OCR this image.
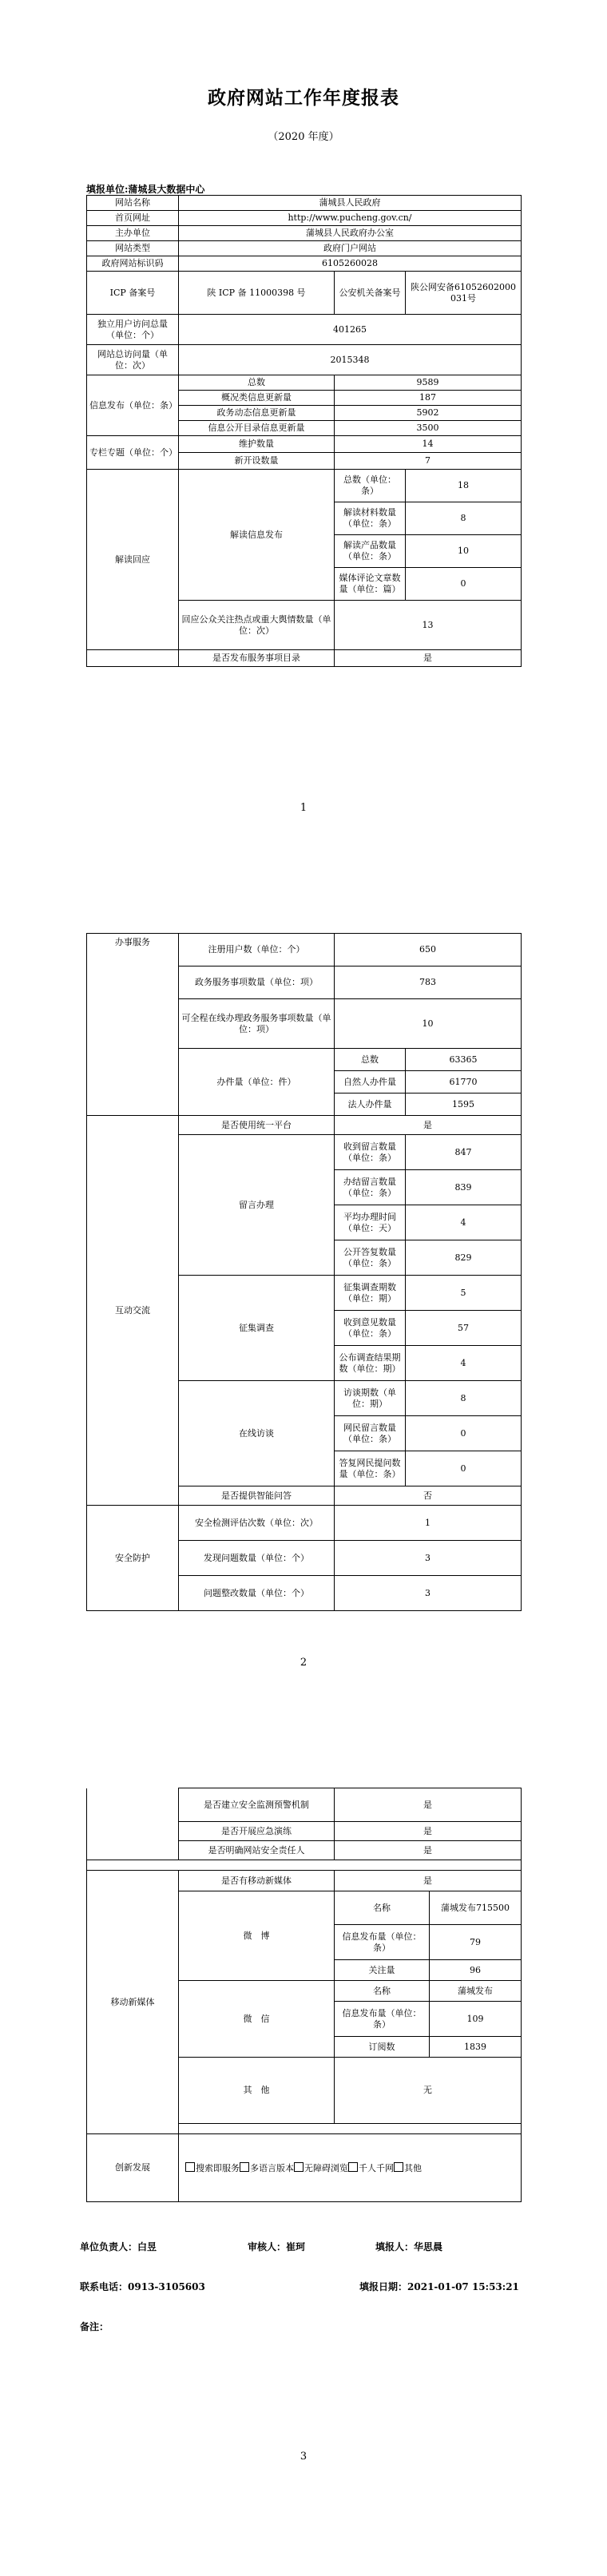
政府网站工作年度报表
（2020 年度）
填报单位:蒲城县大数据中心
网站名称	蒲城县人民政府		
首页网址	http://www.pucheng.gov.cn/		
主办单位	蒲城县人民政府办公室		
网站类型	政府门户网站		
政府网站标识码	6105260028		
ICP 备案号	陕 ICP 备 11000398 号	公安机关备案号	陕公网安备61052602000031号
独立用户访问总量（单位：个）	401265		
网站总访问量（单位：次）	2015348		
信息发布（单位：条）	总数	9589	
	概况类信息更新量	187	
	政务动态信息更新量	5902	
	信息公开目录信息更新量	3500	
专栏专题（单位：个）	维护数量	14	
	新开设数量	7	
解读回应	解读信息发布	总数（单位：条）	18
		解读材料数量（单位：条）	8
		解读产品数量（单位：条）	10
		媒体评论文章数量（单位：篇）	0
	回应公众关注热点或重大舆情数量（单位：次）	13	
	是否发布服务事项目录	是	
1
办事服务	注册用户数（单位：个）	650	
	政务服务事项数量（单位：项）	783	
	可全程在线办理政务服务事项数量（单位：项）	10	
	办件量（单位：件）	总数	63365
		自然人办件量	61770
		法人办件量	1595
互动交流	是否使用统一平台	是	
	留言办理	收到留言数量（单位：条）	847
		办结留言数量（单位：条）	839
		平均办理时间（单位：天）	4
		公开答复数量（单位：条）	829
	征集调查	征集调查期数（单位：期）	5
		收到意见数量（单位：条）	57
		公布调查结果期数（单位：期）	4
	在线访谈	访谈期数（单位：期）	8
		网民留言数量（单位：条）	0
		答复网民提问数量（单位：条）	0
	是否提供智能问答	否	
安全防护	安全检测评估次数（单位：次）	1	
	发现问题数量（单位：个）	3	
	问题整改数量（单位：个）	3	
2
	是否建立安全监测预警机制	是	
	是否开展应急演练	是	
	是否明确网站安全责任人	是	

移动新媒体	是否有移动新媒体	是	
	微　博	名称	蒲城发布715500
		信息发布量（单位：条）	79
		关注量	96
	微　信	名称	蒲城发布
		信息发布量（单位：条）	109
		订阅数	1839
	其　他	无	

创新发展	搜索即服务 多语言版本 无障碍浏览 千人千网 其他		
单位负责人：白昱	审核人：崔珂	填报人：华思晨
联系电话：0913-3105603	填报日期：2021-01-07 15:53:21
备注：
3
